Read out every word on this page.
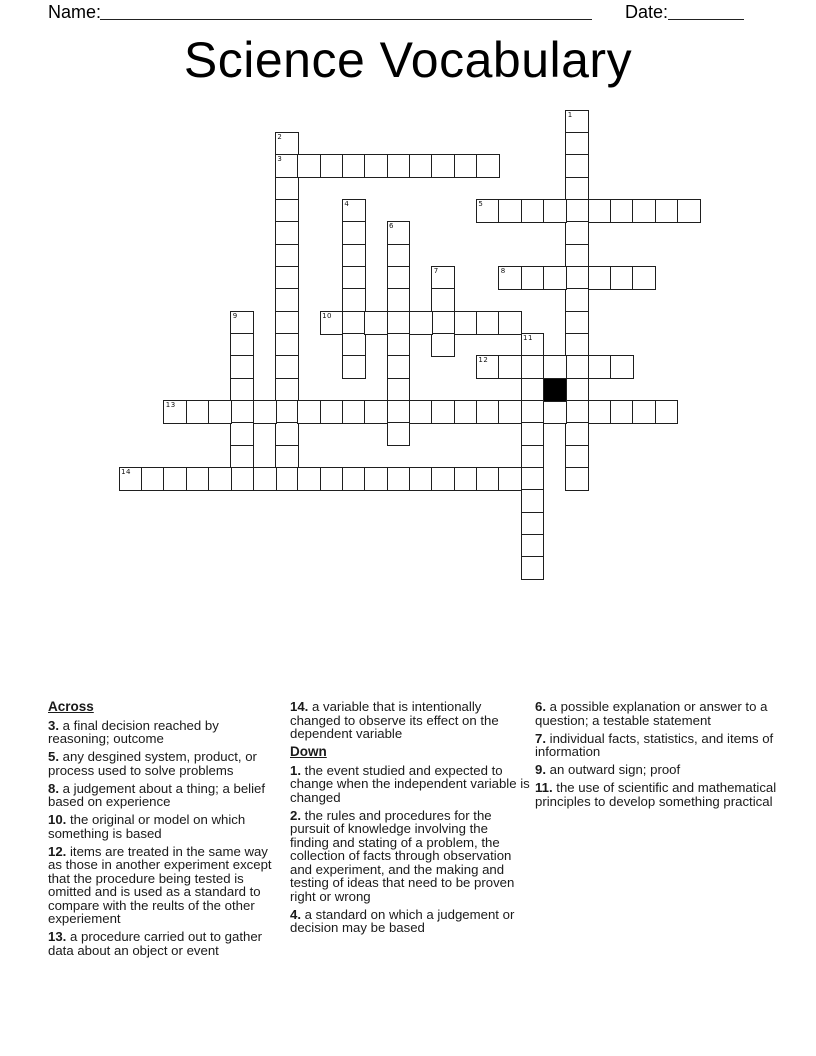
Name:	Date:
Science Vocabulary
1
2
3
4	5
6
7	8
9	10
11
12
13
14
Across

3. a final decision reached by reasoning; outcome

5. any desgined system, product, or process used to solve problems

8. a judgement about a thing; a belief based on experience

10. the original or model on which something is based

12. items are treated in the same way as those in another experiment except that the procedure being tested is omitted and is used as a standard to compare with the reults of the other experiement

13. a procedure carried out to gather data about an object or event

14. a variable that is intentionally changed to observe its effect on the dependent variable

Down

1. the event studied and expected to change when the independent variable is changed

2. the rules and procedures for the pursuit of knowledge involving the finding and stating of a problem, the collection of facts through observation and experiment, and the making and testing of ideas that need to be proven right or wrong

4. a standard on which a judgement or decision may be based

6. a possible explanation or answer to a question; a testable statement

7. individual facts, statistics, and items of information

9. an outward sign; proof

11. the use of scientific and mathematical principles to develop something practical
